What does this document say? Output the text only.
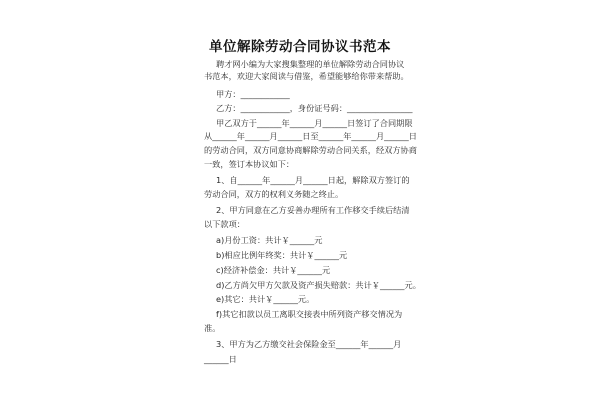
单位解除劳动合同协议书范本
聘才网小编为大家搜集整理的单位解除劳动合同协议
书范本，欢迎大家阅读与借鉴，希望能够给你带来帮助。
甲方：____________
乙方：____________，身份证号码：________________
甲乙双方于______年______月______日签订了合同期限
从______年______月______日至______年______月______日
的劳动合同，双方同意协商解除劳动合同关系，经双方协商
一致，签订本协议如下：
1、自______年______月______日起，解除双方签订的
劳动合同，双方的权利义务随之终止。
2、甲方同意在乙方妥善办理所有工作移交手续后结清
以下款项：
a)月份工资：共计￥______元
b)相应比例年终奖：共计￥______元
c)经济补偿金：共计￥______元
d)乙方尚欠甲方欠款及资产损失赔款：共计￥______元。
e)其它：共计￥______元。
f)其它扣款以员工离职交接表中所列资产移交情况为
准。
3、甲方为乙方缴交社会保险金至______年______月
______日
